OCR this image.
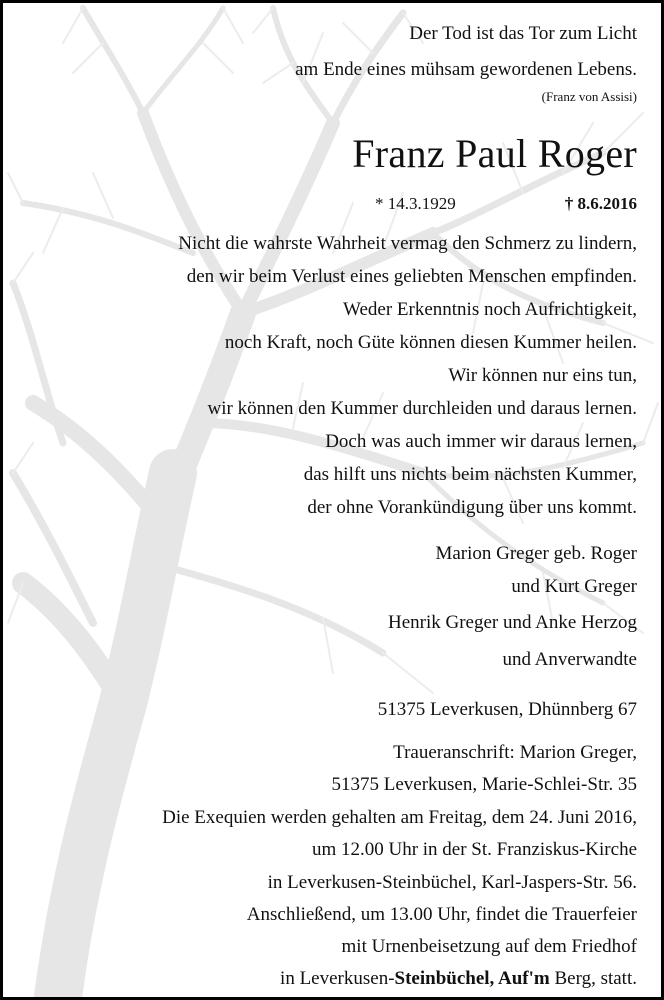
Der Tod ist das Tor zum Licht
am Ende eines mühsam gewordenen Lebens.
(Franz von Assisi)
Franz Paul Roger
* 14.3.1929	† 8.6.2016
Nicht die wahrste Wahrheit vermag den Schmerz zu lindern,
den wir beim Verlust eines geliebten Menschen empfinden.
Weder Erkenntnis noch Aufrichtigkeit,
noch Kraft, noch Güte können diesen Kummer heilen.
Wir können nur eins tun,
wir können den Kummer durchleiden und daraus lernen.
Doch was auch immer wir daraus lernen,
das hilft uns nichts beim nächsten Kummer,
der ohne Vorankündigung über uns kommt.
Marion Greger geb. Roger
und Kurt Greger
Henrik Greger und Anke Herzog
und Anverwandte
51375 Leverkusen, Dhünnberg 67
Traueranschrift: Marion Greger,
51375 Leverkusen, Marie-Schlei-Str. 35
Die Exequien werden gehalten am Freitag, dem 24. Juni 2016,
um 12.00 Uhr in der St. Franziskus-Kirche
in Leverkusen-Steinbüchel, Karl-Jaspers-Str. 56.
Anschließend, um 13.00 Uhr, findet die Trauerfeier
mit Urnenbeisetzung auf dem Friedhof
in Leverkusen-Steinbüchel, Auf'm Berg, statt.
